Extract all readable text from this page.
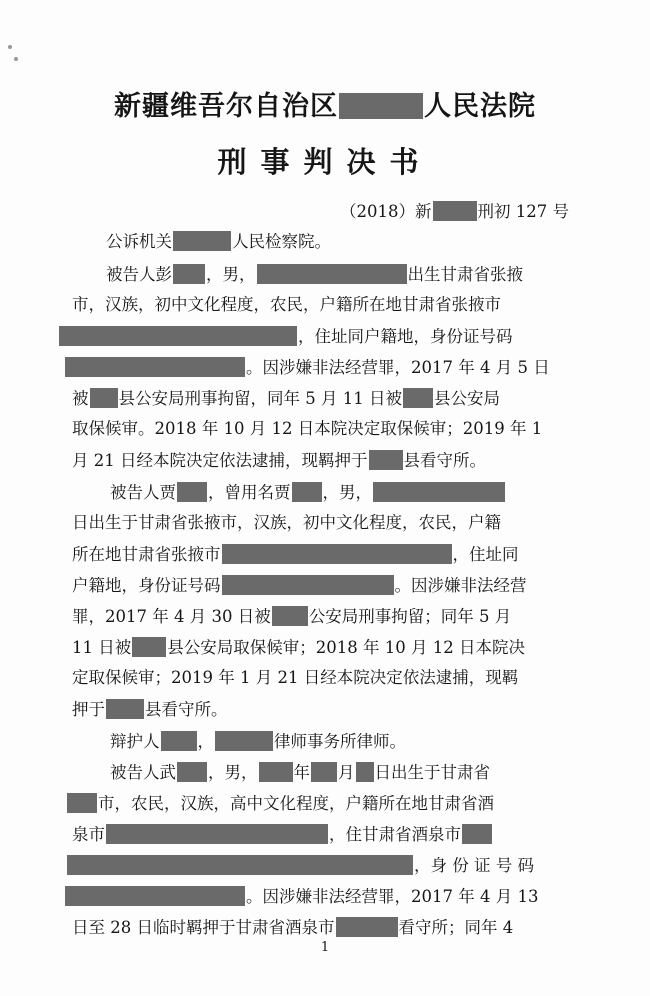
新疆维吾尔自治区	人民法院
刑事判决书
（2018）新	刑初 127 号
公诉机关	人民检察院。
被告人彭 ，男，	出生甘肃省张掖
市，汉族，初中文化程度，农民，户籍所在地甘肃省张掖市
，住址同户籍地，身份证号码
。因涉嫌非法经营罪，2017 年 4 月 5 日
被 县公安局刑事拘留，同年 5 月 11 日被 县公安局
取保候审。2018 年 10 月 12 日本院决定取保候审；2019 年 1
月 21 日经本院决定依法逮捕，现羁押于 县看守所。
被告人贾 ，曾用名贾 ，男，
日出生于甘肃省张掖市，汉族，初中文化程度，农民，户籍
所在地甘肃省张掖市	，住址同
户籍地，身份证号码	。因涉嫌非法经营
罪，2017 年 4 月 30 日被 公安局刑事拘留；同年 5 月
11 日被 县公安局取保候审；2018 年 10 月 12 日本院决
定取保候审；2019 年 1 月 21 日经本院决定依法逮捕，现羁
押于 县看守所。
辩护人 ，	律师事务所律师。
被告人武 ，男， 年 月 日出生于甘肃省
市，农民，汉族，高中文化程度，户籍所在地甘肃省酒
泉市	，住甘肃省酒泉市
，身 份 证 号 码
。因涉嫌非法经营罪，2017 年 4 月 13
日至 28 日临时羁押于甘肃省酒泉市	看守所；同年 4
1
